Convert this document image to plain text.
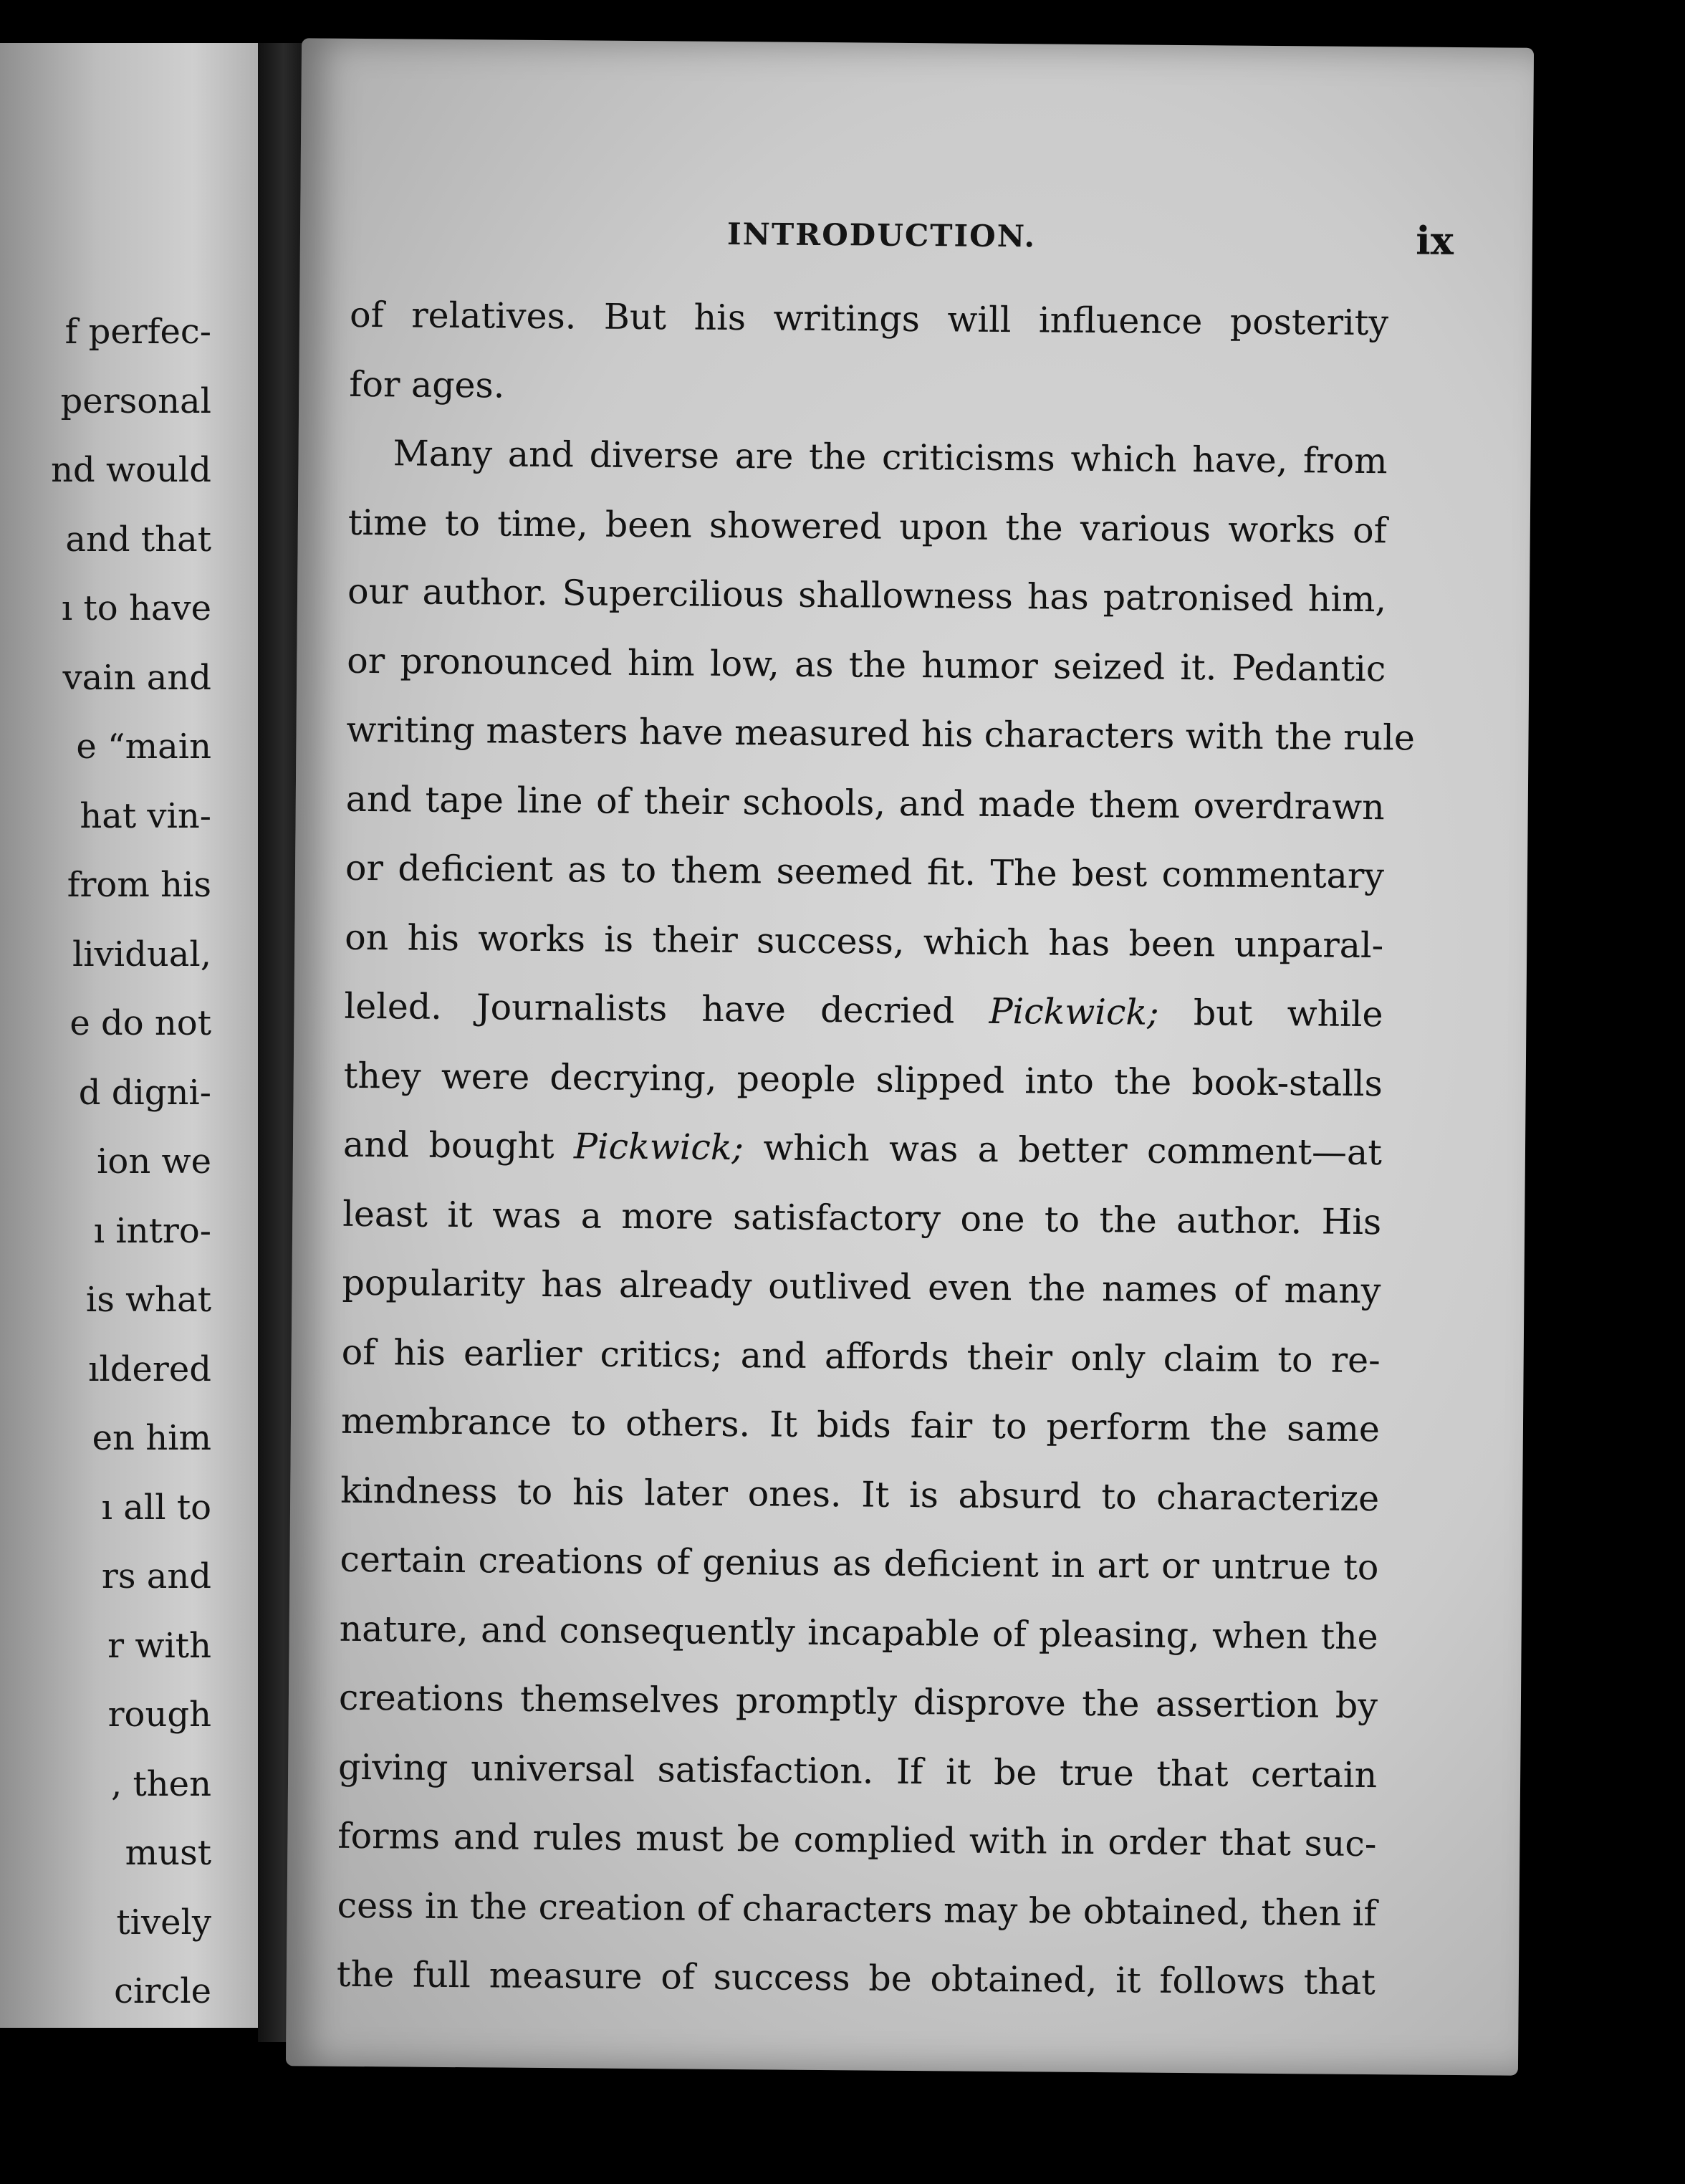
f perfec-
personal
nd would
and that
ı to have
vain and
e “main
hat vin-
from his
lividual,
e do not
d digni-
ion we
ı intro-
is what
ıldered
en him
ı all to
rs and
r with
rough
, then
must
tively
circle
INTRODUCTION.	ix
of relatives. But his writings will influence posterity
for ages.
Many and diverse are the criticisms which have, from
time to time, been showered upon the various works of
our author. Supercilious shallowness has patronised him,
or pronounced him low, as the humor seized it. Pedantic
writing masters have measured his characters with the rule
and tape line of their schools, and made them overdrawn
or deficient as to them seemed fit. The best commentary
on his works is their success, which has been unparal-
leled. Journalists have decried Pickwick; but while
they were decrying, people slipped into the book-stalls
and bought Pickwick; which was a better comment—at
least it was a more satisfactory one to the author. His
popularity has already outlived even the names of many
of his earlier critics; and affords their only claim to re-
membrance to others. It bids fair to perform the same
kindness to his later ones. It is absurd to characterize
certain creations of genius as deficient in art or untrue to
nature, and consequently incapable of pleasing, when the
creations themselves promptly disprove the assertion by
giving universal satisfaction. If it be true that certain
forms and rules must be complied with in order that suc-
cess in the creation of characters may be obtained, then if
the full measure of success be obtained, it follows that
